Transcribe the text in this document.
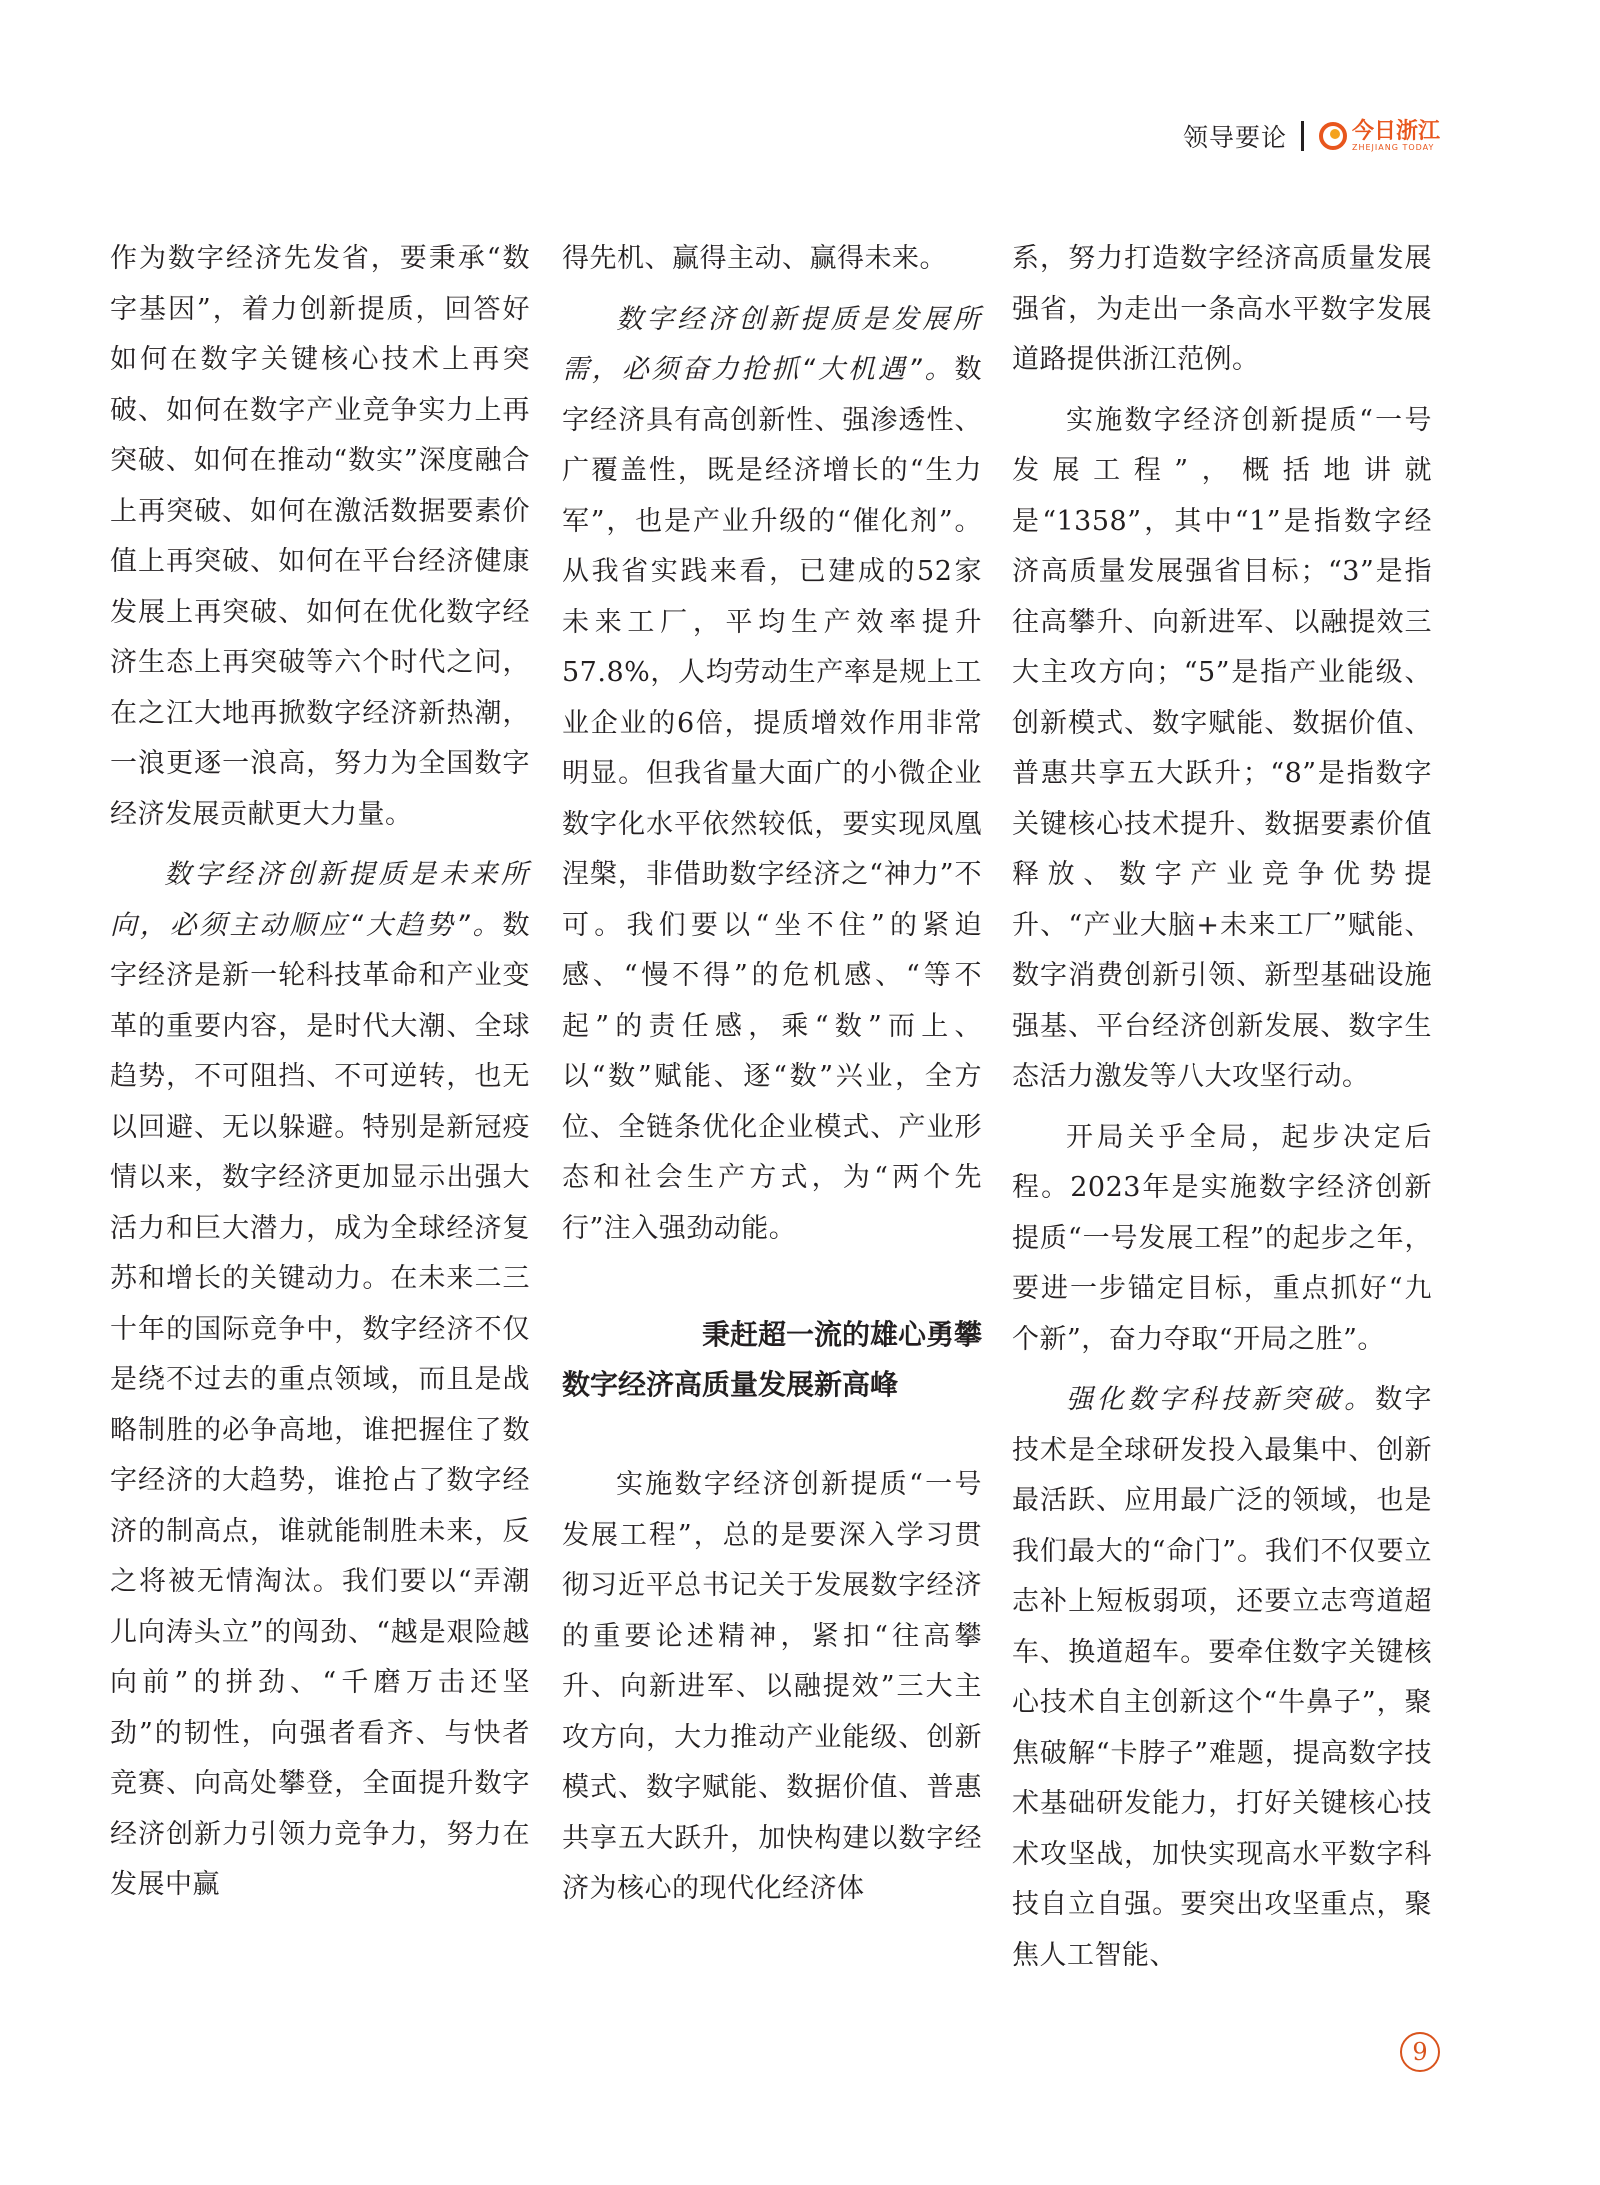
领导要论	今日浙江
ZHEJIANG TODAY

作为数字经济先发省，要秉承“数字基因”，着力创新提质，回答好如何在数字关键核心技术上再突破、如何在数字产业竞争实力上再突破、如何在推动“数实”深度融合上再突破、如何在激活数据要素价值上再突破、如何在平台经济健康发展上再突破、如何在优化数字经济生态上再突破等六个时代之问，在之江大地再掀数字经济新热潮，一浪更逐一浪高，努力为全国数字经济发展贡献更大力量。

数字经济创新提质是未来所向，必须主动顺应“大趋势”。数字经济是新一轮科技革命和产业变革的重要内容，是时代大潮、全球趋势，不可阻挡、不可逆转，也无以回避、无以躲避。特别是新冠疫情以来，数字经济更加显示出强大活力和巨大潜力，成为全球经济复苏和增长的关键动力。在未来二三十年的国际竞争中，数字经济不仅是绕不过去的重点领域，而且是战略制胜的必争高地，谁把握住了数字经济的大趋势，谁抢占了数字经济的制高点，谁就能制胜未来，反之将被无情淘汰。我们要以“弄潮儿向涛头立”的闯劲、“越是艰险越向前”的拼劲、“千磨万击还坚劲”的韧性，向强者看齐、与快者竞赛、向高处攀登，全面提升数字经济创新力引领力竞争力，努力在发展中赢

得先机、赢得主动、赢得未来。

数字经济创新提质是发展所需，必须奋力抢抓“大机遇”。数字经济具有高创新性、强渗透性、广覆盖性，既是经济增长的“生力军”，也是产业升级的“催化剂”。从我省实践来看，已建成的52家未来工厂，平均生产效率提升57.8%，人均劳动生产率是规上工业企业的6倍，提质增效作用非常明显。但我省量大面广的小微企业数字化水平依然较低，要实现凤凰涅槃，非借助数字经济之“神力”不可。我们要以“坐不住”的紧迫感、“慢不得”的危机感、“等不起”的责任感，乘“数”而上、以“数”赋能、逐“数”兴业，全方位、全链条优化企业模式、产业形态和社会生产方式，为“两个先行”注入强劲动能。

秉赶超一流的雄心勇攀
数字经济高质量发展新高峰

实施数字经济创新提质“一号发展工程”，总的是要深入学习贯彻习近平总书记关于发展数字经济的重要论述精神，紧扣“往高攀升、向新进军、以融提效”三大主攻方向，大力推动产业能级、创新模式、数字赋能、数据价值、普惠共享五大跃升，加快构建以数字经济为核心的现代化经济体

系，努力打造数字经济高质量发展强省，为走出一条高水平数字发展道路提供浙江范例。

实施数字经济创新提质“一号发展工程”，概括地讲就是“1358”，其中“1”是指数字经济高质量发展强省目标；“3”是指往高攀升、向新进军、以融提效三大主攻方向；“5”是指产业能级、创新模式、数字赋能、数据价值、普惠共享五大跃升；“8”是指数字关键核心技术提升、数据要素价值释放、数字产业竞争优势提升、“产业大脑+未来工厂”赋能、数字消费创新引领、新型基础设施强基、平台经济创新发展、数字生态活力激发等八大攻坚行动。

开局关乎全局，起步决定后程。2023年是实施数字经济创新提质“一号发展工程”的起步之年，要进一步锚定目标，重点抓好“九个新”，奋力夺取“开局之胜”。

强化数字科技新突破。数字技术是全球研发投入最集中、创新最活跃、应用最广泛的领域，也是我们最大的“命门”。我们不仅要立志补上短板弱项，还要立志弯道超车、换道超车。要牵住数字关键核心技术自主创新这个“牛鼻子”，聚焦破解“卡脖子”难题，提高数字技术基础研发能力，打好关键核心技术攻坚战，加快实现高水平数字科技自立自强。要突出攻坚重点，聚焦人工智能、

9
